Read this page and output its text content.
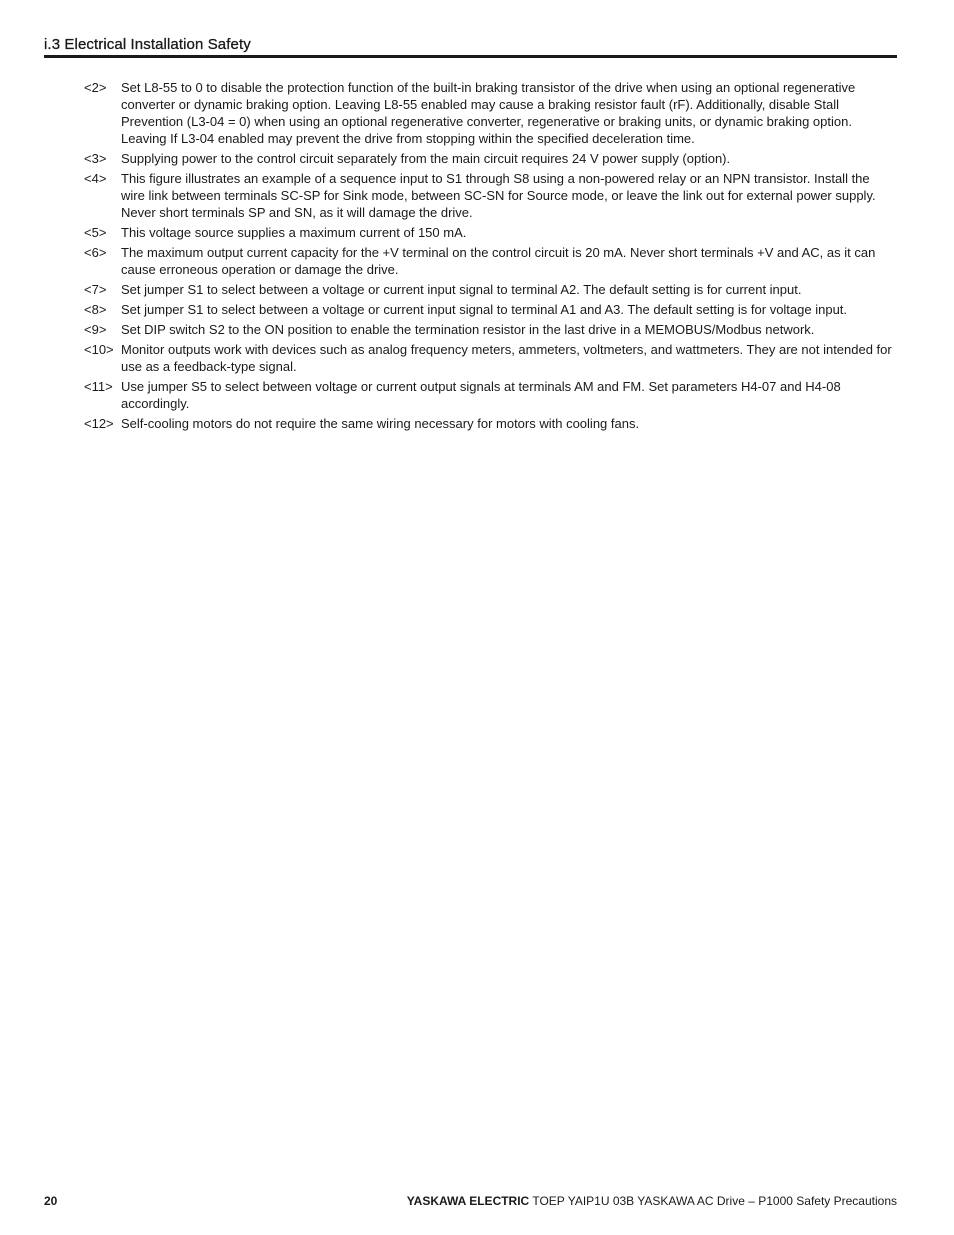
i.3 Electrical Installation Safety
<2>	Set L8-55 to 0 to disable the protection function of the built-in braking transistor of the drive when using an optional regenerative converter or dynamic braking option. Leaving L8-55 enabled may cause a braking resistor fault (rF). Additionally, disable Stall Prevention (L3-04 = 0) when using an optional regenerative converter, regenerative or braking units, or dynamic braking option. Leaving If L3-04 enabled may prevent the drive from stopping within the specified deceleration time.
<3>	Supplying power to the control circuit separately from the main circuit requires 24 V power supply (option).
<4>	This figure illustrates an example of a sequence input to S1 through S8 using a non-powered relay or an NPN transistor. Install the wire link between terminals SC-SP for Sink mode, between SC-SN for Source mode, or leave the link out for external power supply. Never short terminals SP and SN, as it will damage the drive.
<5>	This voltage source supplies a maximum current of 150 mA.
<6>	The maximum output current capacity for the +V terminal on the control circuit is 20 mA. Never short terminals +V and AC, as it can cause erroneous operation or damage the drive.
<7>	Set jumper S1 to select between a voltage or current input signal to terminal A2. The default setting is for current input.
<8>	Set jumper S1 to select between a voltage or current input signal to terminal A1 and A3. The default setting is for voltage input.
<9>	Set DIP switch S2 to the ON position to enable the termination resistor in the last drive in a MEMOBUS/Modbus network.
<10> Monitor outputs work with devices such as analog frequency meters, ammeters, voltmeters, and wattmeters. They are not intended for use as a feedback-type signal.
<11> Use jumper S5 to select between voltage or current output signals at terminals AM and FM. Set parameters H4-07 and H4-08 accordingly.
<12> Self-cooling motors do not require the same wiring necessary for motors with cooling fans.
20	YASKAWA ELECTRIC TOEP YAIP1U 03B YASKAWA AC Drive – P1000 Safety Precautions
